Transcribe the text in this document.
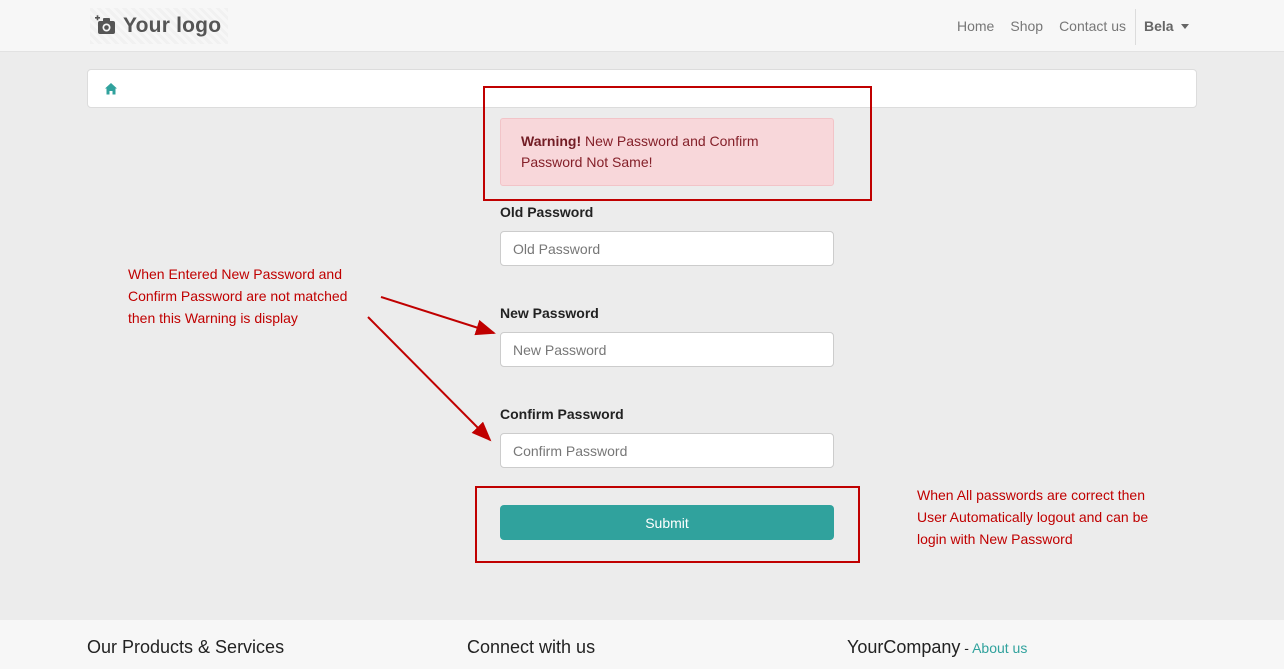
Your logo	Home Shop Contact us Bela
Warning! New Password and Confirm
Password Not Same!
Old Password
New Password
Confirm Password
Submit
When Entered New Password and
Confirm Password are not matched
then this Warning is display
When All passwords are correct then
User Automatically logout and can be
login with New Password
Our Products & Services	Connect with us	YourCompany - About us
